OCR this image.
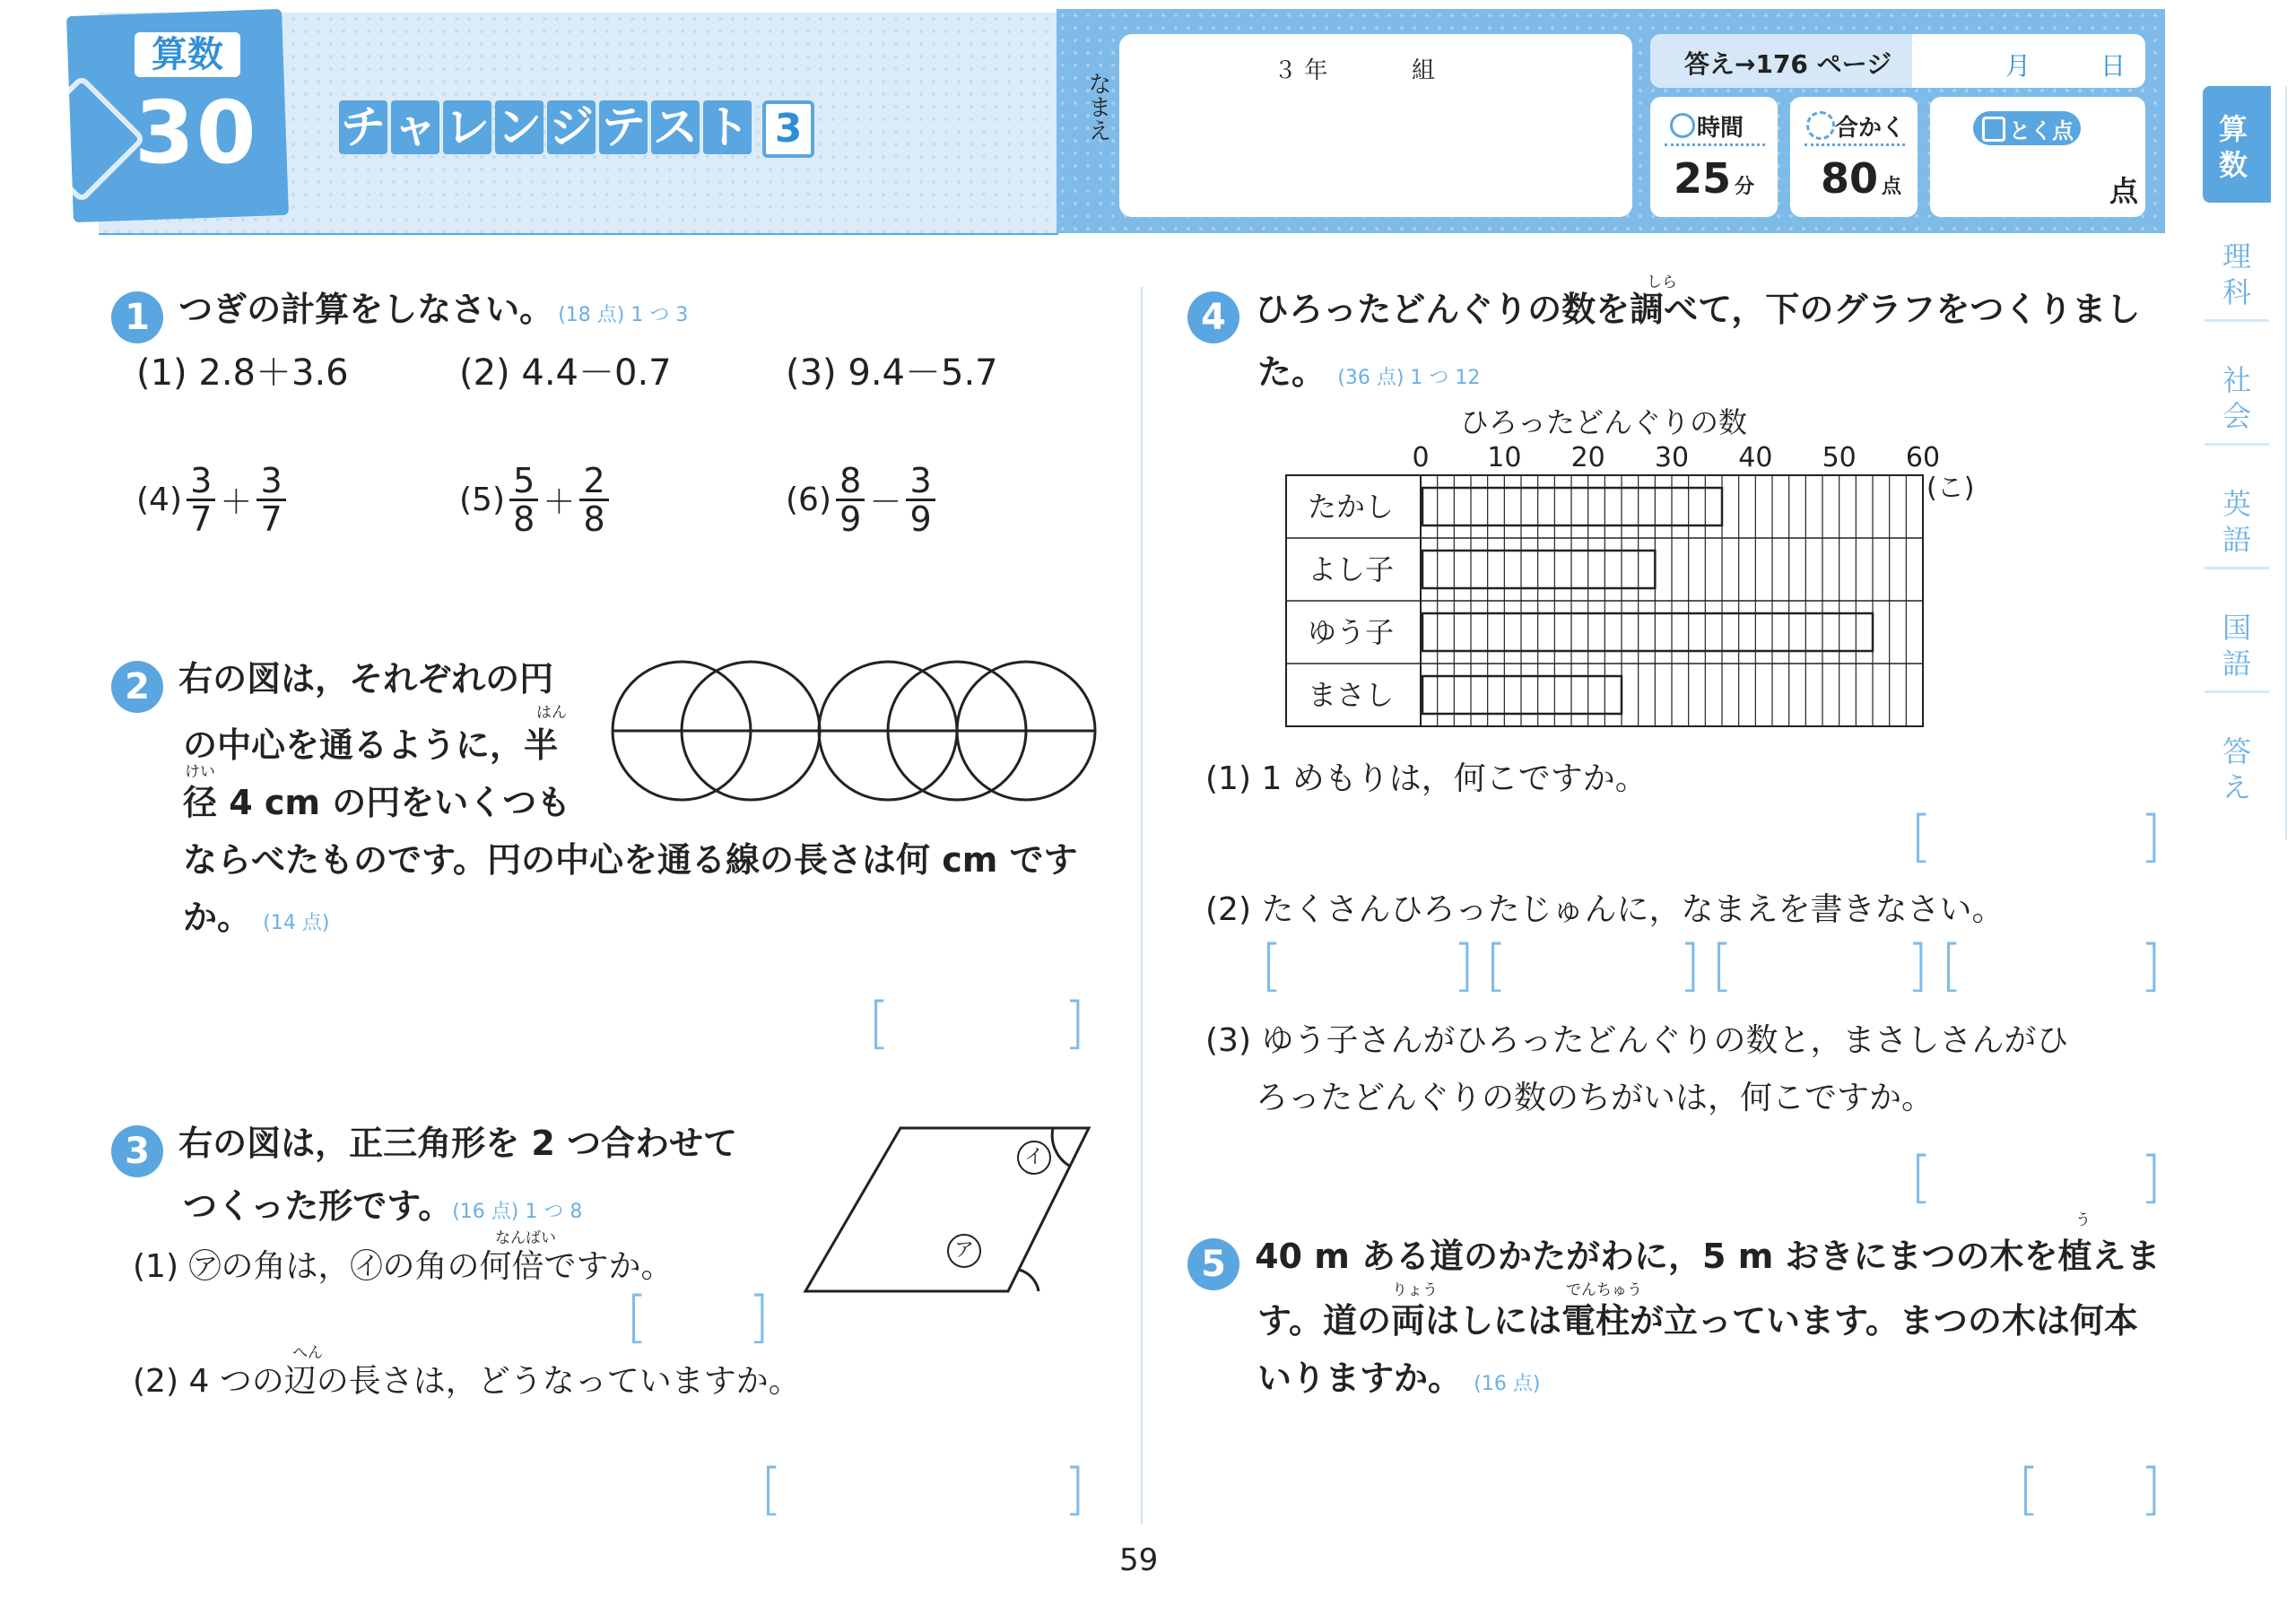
算数
30 チ ャ レ ン ジ テ ス ト 3	なまえ
３ 年	組	答え→176 ページ	月	日
時間
25 分
合かく
80 点
とく点
点
算数
理科
社会
英語
国語
答え
1 つぎの計算をしなさい。 (18 点) 1 つ 3
(1) 2.8＋3.6	(2) 4.4－0.7	(3) 9.4－5.7
$(4) \frac{3}{7} + \frac{3}{7}$	$(5) \frac{5}{8} + \frac{2}{8}$	$(6) \frac{8}{9} - \frac{3}{9}$
2 右の図は，それぞれの円
はん
の中心を通るように，半
けい
径 4 cm の円をいくつも
ならべたものです。円の中心を通る線の長さは何 cm です
か。 (14 点)
[	]
3 右の図は，正三角形を 2 つ合わせて
つくった形です。(16 点) 1 つ 8
なんばい
(1) ㋐の角は，㋑の角の何倍ですか。
[ ]
へん
(2) 4 つの辺の長さは，どうなっていますか。
[	]
イ
ア
しら
4 ひろったどんぐりの数を調べて，下のグラフをつくりまし
た。 (36 点) 1 つ 12
ひろったどんぐりの数
0 10 20 30 40 50 60
(こ)
たかし
よし子
ゆう子
まさし
(1) 1 めもりは，何こですか。
[	]
(2) たくさんひろったじゅんに，なまえを書きなさい。
[	] [	] [	] [	]
(3) ゆう子さんがひろったどんぐりの数と，まさしさんがひ
ろったどんぐりの数のちがいは，何こですか。
[	]
う
5 40 m ある道のかたがわに，5 m おきにまつの木を植えま
りょう	でんちゅう
す。道の両はしには電柱が立っています。まつの木は何本
いりますか。 (16 点)
[ ]
59
